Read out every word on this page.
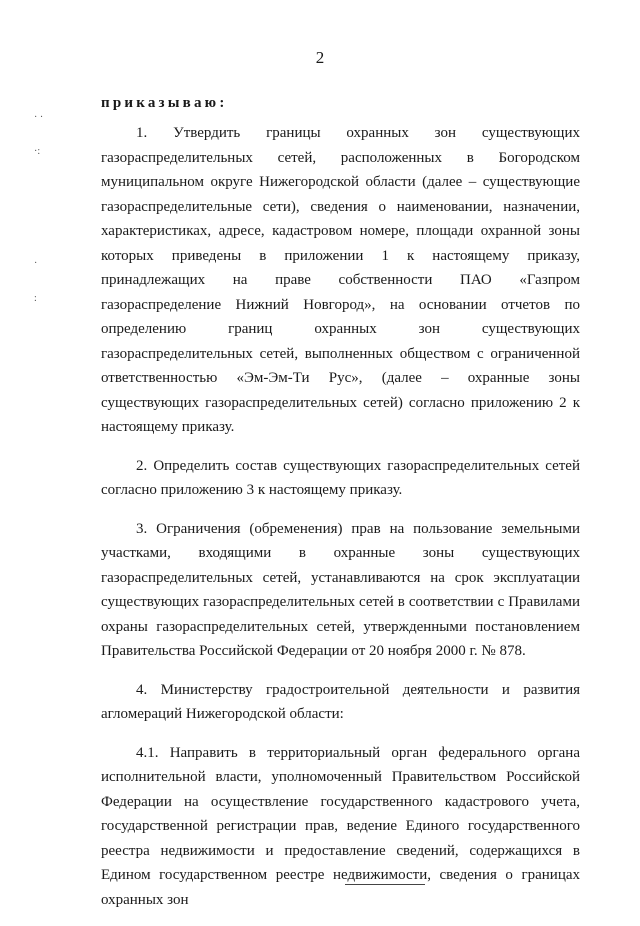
2
приказываю:

1. Утвердить границы охранных зон существующих газораспределительных сетей, расположенных в Богородском муниципальном округе Нижегородской области (далее – существующие газораспределительные сети), сведения о наименовании, назначении, характеристиках, адресе, кадастровом номере, площади охранной зоны которых приведены в приложении 1 к настоящему приказу, принадлежащих на праве собственности ПАО «Газпром газораспределение Нижний Новгород», на основании отчетов по определению границ охранных зон существующих газораспределительных сетей, выполненных обществом с ограниченной ответственностью «Эм-Эм-Ти Рус», (далее – охранные зоны существующих газораспределительных сетей) согласно приложению 2 к настоящему приказу.

2. Определить состав существующих газораспределительных сетей согласно приложению 3 к настоящему приказу.

3. Ограничения (обременения) прав на пользование земельными участками, входящими в охранные зоны существующих газораспределительных сетей, устанавливаются на срок эксплуатации существующих газораспределительных сетей в соответствии с Правилами охраны газораспределительных сетей, утвержденными постановлением Правительства Российской Федерации от 20 ноября 2000 г. № 878.

4. Министерству градостроительной деятельности и развития агломераций Нижегородской области:

4.1. Направить в территориальный орган федерального органа исполнительной власти, уполномоченный Правительством Российской Федерации на осуществление государственного кадастрового учета, государственной регистрации прав, ведение Единого государственного реестра недвижимости и предоставление сведений, содержащихся в Едином государственном реестре недвижимости, сведения о границах охранных зон

· ·
·:
·
:
